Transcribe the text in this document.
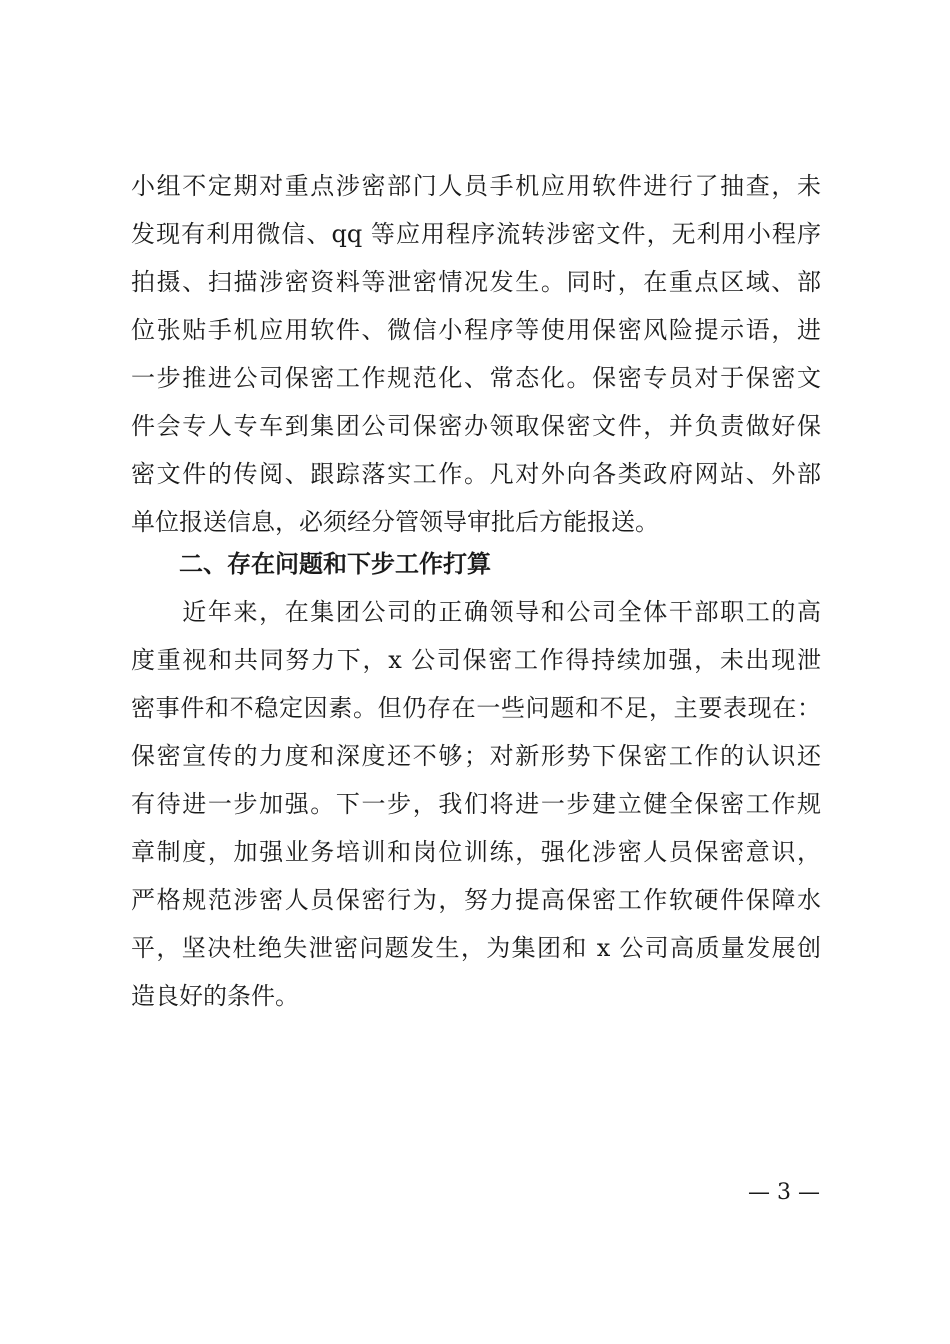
小组不定期对重点涉密部门人员手机应用软件进行了抽查，未
发现有利用微信、qq 等应用程序流转涉密文件，无利用小程序
拍摄、扫描涉密资料等泄密情况发生。同时，在重点区域、部
位张贴手机应用软件、微信小程序等使用保密风险提示语，进
一步推进公司保密工作规范化、常态化。保密专员对于保密文
件会专人专车到集团公司保密办领取保密文件，并负责做好保
密文件的传阅、跟踪落实工作。凡对外向各类政府网站、外部
单位报送信息，必须经分管领导审批后方能报送。
二、存在问题和下步工作打算
　　近年来，在集团公司的正确领导和公司全体干部职工的高
度重视和共同努力下，x 公司保密工作得持续加强，未出现泄
密事件和不稳定因素。但仍存在一些问题和不足，主要表现在：
保密宣传的力度和深度还不够；对新形势下保密工作的认识还
有待进一步加强。下一步，我们将进一步建立健全保密工作规
章制度，加强业务培训和岗位训练，强化涉密人员保密意识，
严格规范涉密人员保密行为，努力提高保密工作软硬件保障水
平，坚决杜绝失泄密问题发生，为集团和 x 公司高质量发展创
造良好的条件。
— 3 —
